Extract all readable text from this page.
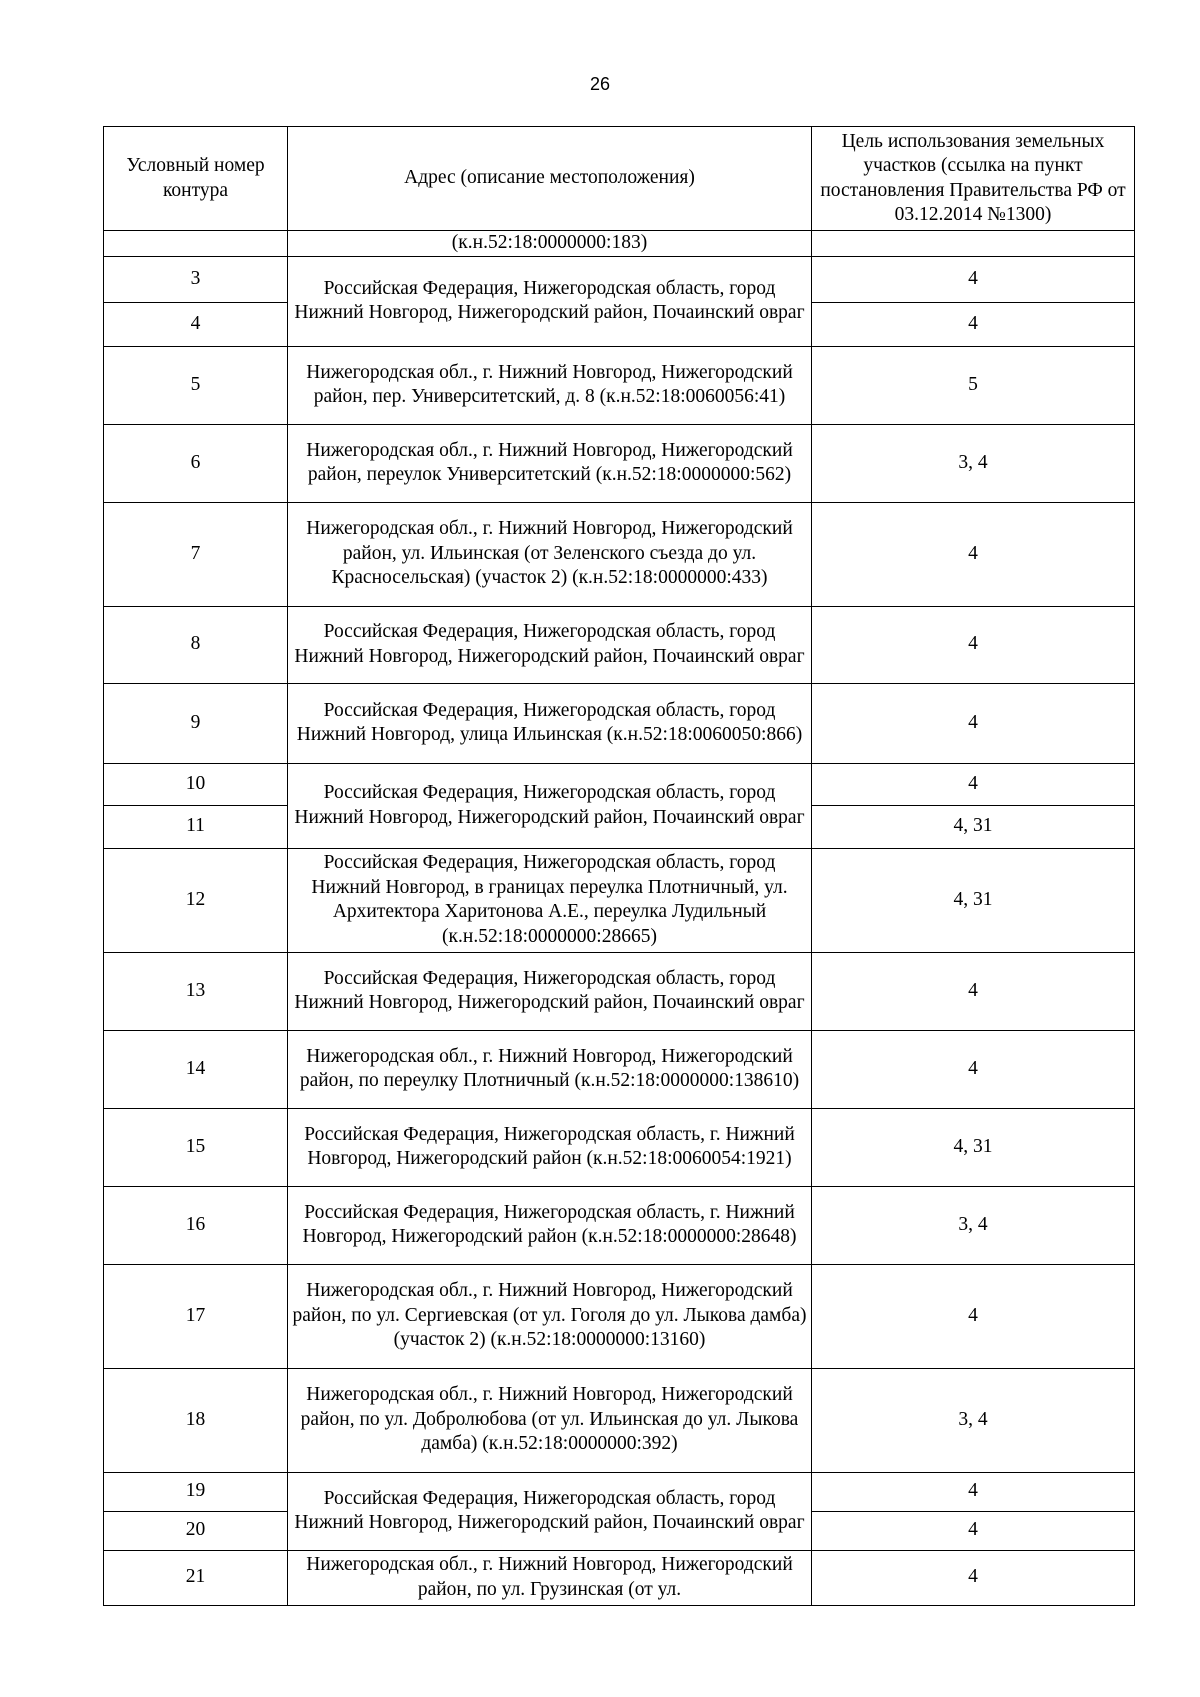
26
Условный номер контура	Адрес (описание местоположения)	Цель использования земельных участков (ссылка на пункт постановления Правительства РФ от 03.12.2014 №1300)
	(к.н.52:18:0000000:183)	
3	Российская Федерация, Нижегородская область, город Нижний Новгород, Нижегородский район, Почаинский овраг	4
4		4
5	Нижегородская обл., г. Нижний Новгород, Нижегородский район, пер. Университетский, д. 8 (к.н.52:18:0060056:41)	5
6	Нижегородская обл., г. Нижний Новгород, Нижегородский район, переулок Университетский (к.н.52:18:0000000:562)	3, 4
7	Нижегородская обл., г. Нижний Новгород, Нижегородский район, ул. Ильинская (от Зеленского съезда до ул. Красносельская) (участок 2) (к.н.52:18:0000000:433)	4
8	Российская Федерация, Нижегородская область, город Нижний Новгород, Нижегородский район, Почаинский овраг	4
9	Российская Федерация, Нижегородская область, город Нижний Новгород, улица Ильинская (к.н.52:18:0060050:866)	4
10	Российская Федерация, Нижегородская область, город Нижний Новгород, Нижегородский район, Почаинский овраг	4
11		4, 31
12	Российская Федерация, Нижегородская область, город Нижний Новгород, в границах переулка Плотничный, ул. Архитектора Харитонова А.Е., переулка Лудильный (к.н.52:18:0000000:28665)	4, 31
13	Российская Федерация, Нижегородская область, город Нижний Новгород, Нижегородский район, Почаинский овраг	4
14	Нижегородская обл., г. Нижний Новгород, Нижегородский район, по переулку Плотничный (к.н.52:18:0000000:138610)	4
15	Российская Федерация, Нижегородская область, г. Нижний Новгород, Нижегородский район (к.н.52:18:0060054:1921)	4, 31
16	Российская Федерация, Нижегородская область, г. Нижний Новгород, Нижегородский район (к.н.52:18:0000000:28648)	3, 4
17	Нижегородская обл., г. Нижний Новгород, Нижегородский район, по ул. Сергиевская (от ул. Гоголя до ул. Лыкова дамба) (участок 2) (к.н.52:18:0000000:13160)	4
18	Нижегородская обл., г. Нижний Новгород, Нижегородский район, по ул. Добролюбова (от ул. Ильинская до ул. Лыкова дамба) (к.н.52:18:0000000:392)	3, 4
19	Российская Федерация, Нижегородская область, город Нижний Новгород, Нижегородский район, Почаинский овраг	4
20		4
21	Нижегородская обл., г. Нижний Новгород, Нижегородский район, по ул. Грузинская (от ул.	4
